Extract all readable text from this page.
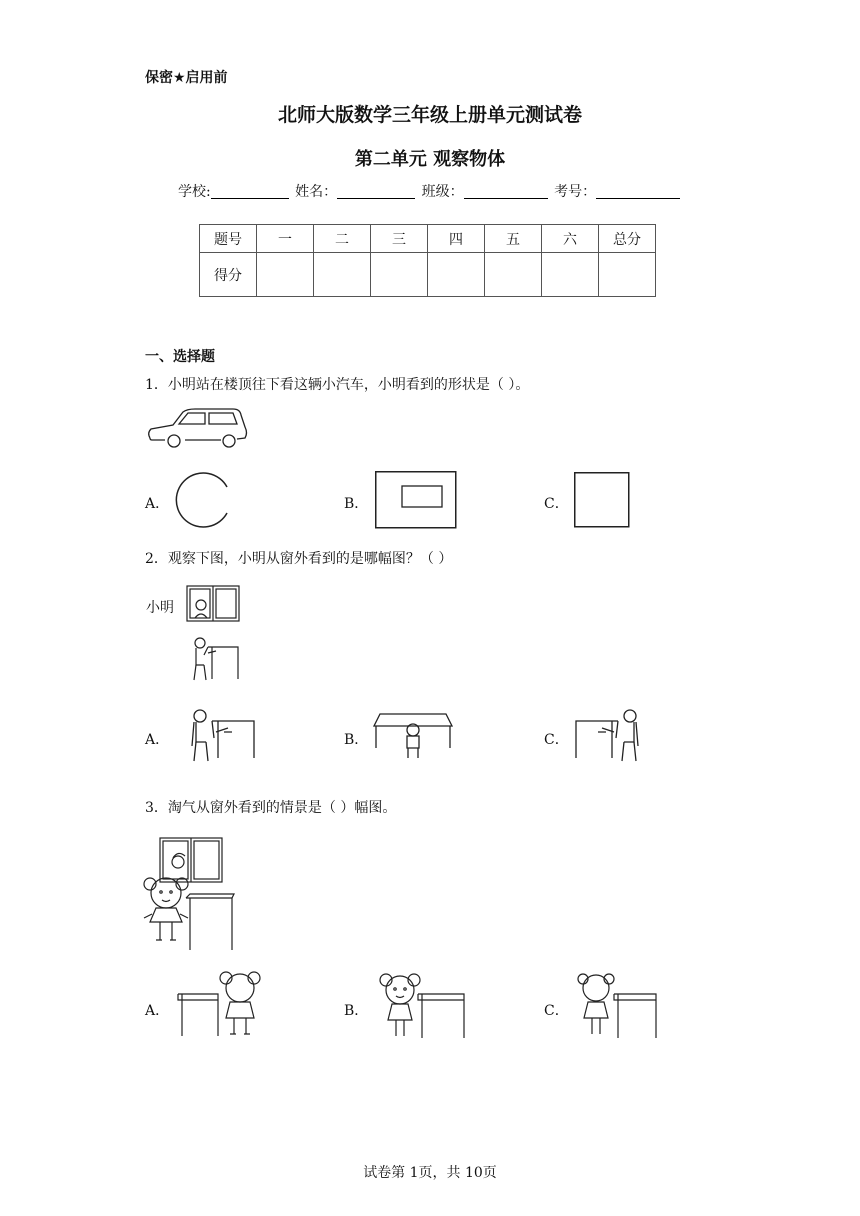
保密★启用前
北师大版数学三年级上册单元测试卷
第二单元 观察物体
学校:	姓名：	班级：	考号：
题号	一	二	三	四	五	六	总分
得分							
一、选择题
1．小明站在楼顶往下看这辆小汽车，小明看到的形状是（ ）。
A．	B．	C．
2．观察下图，小明从窗外看到的是哪幅图？（ ）
小明
A．	B．	C．
3．淘气从窗外看到的情景是（ ）幅图。
A．	B．	C．
试卷第 1页，共 10页
